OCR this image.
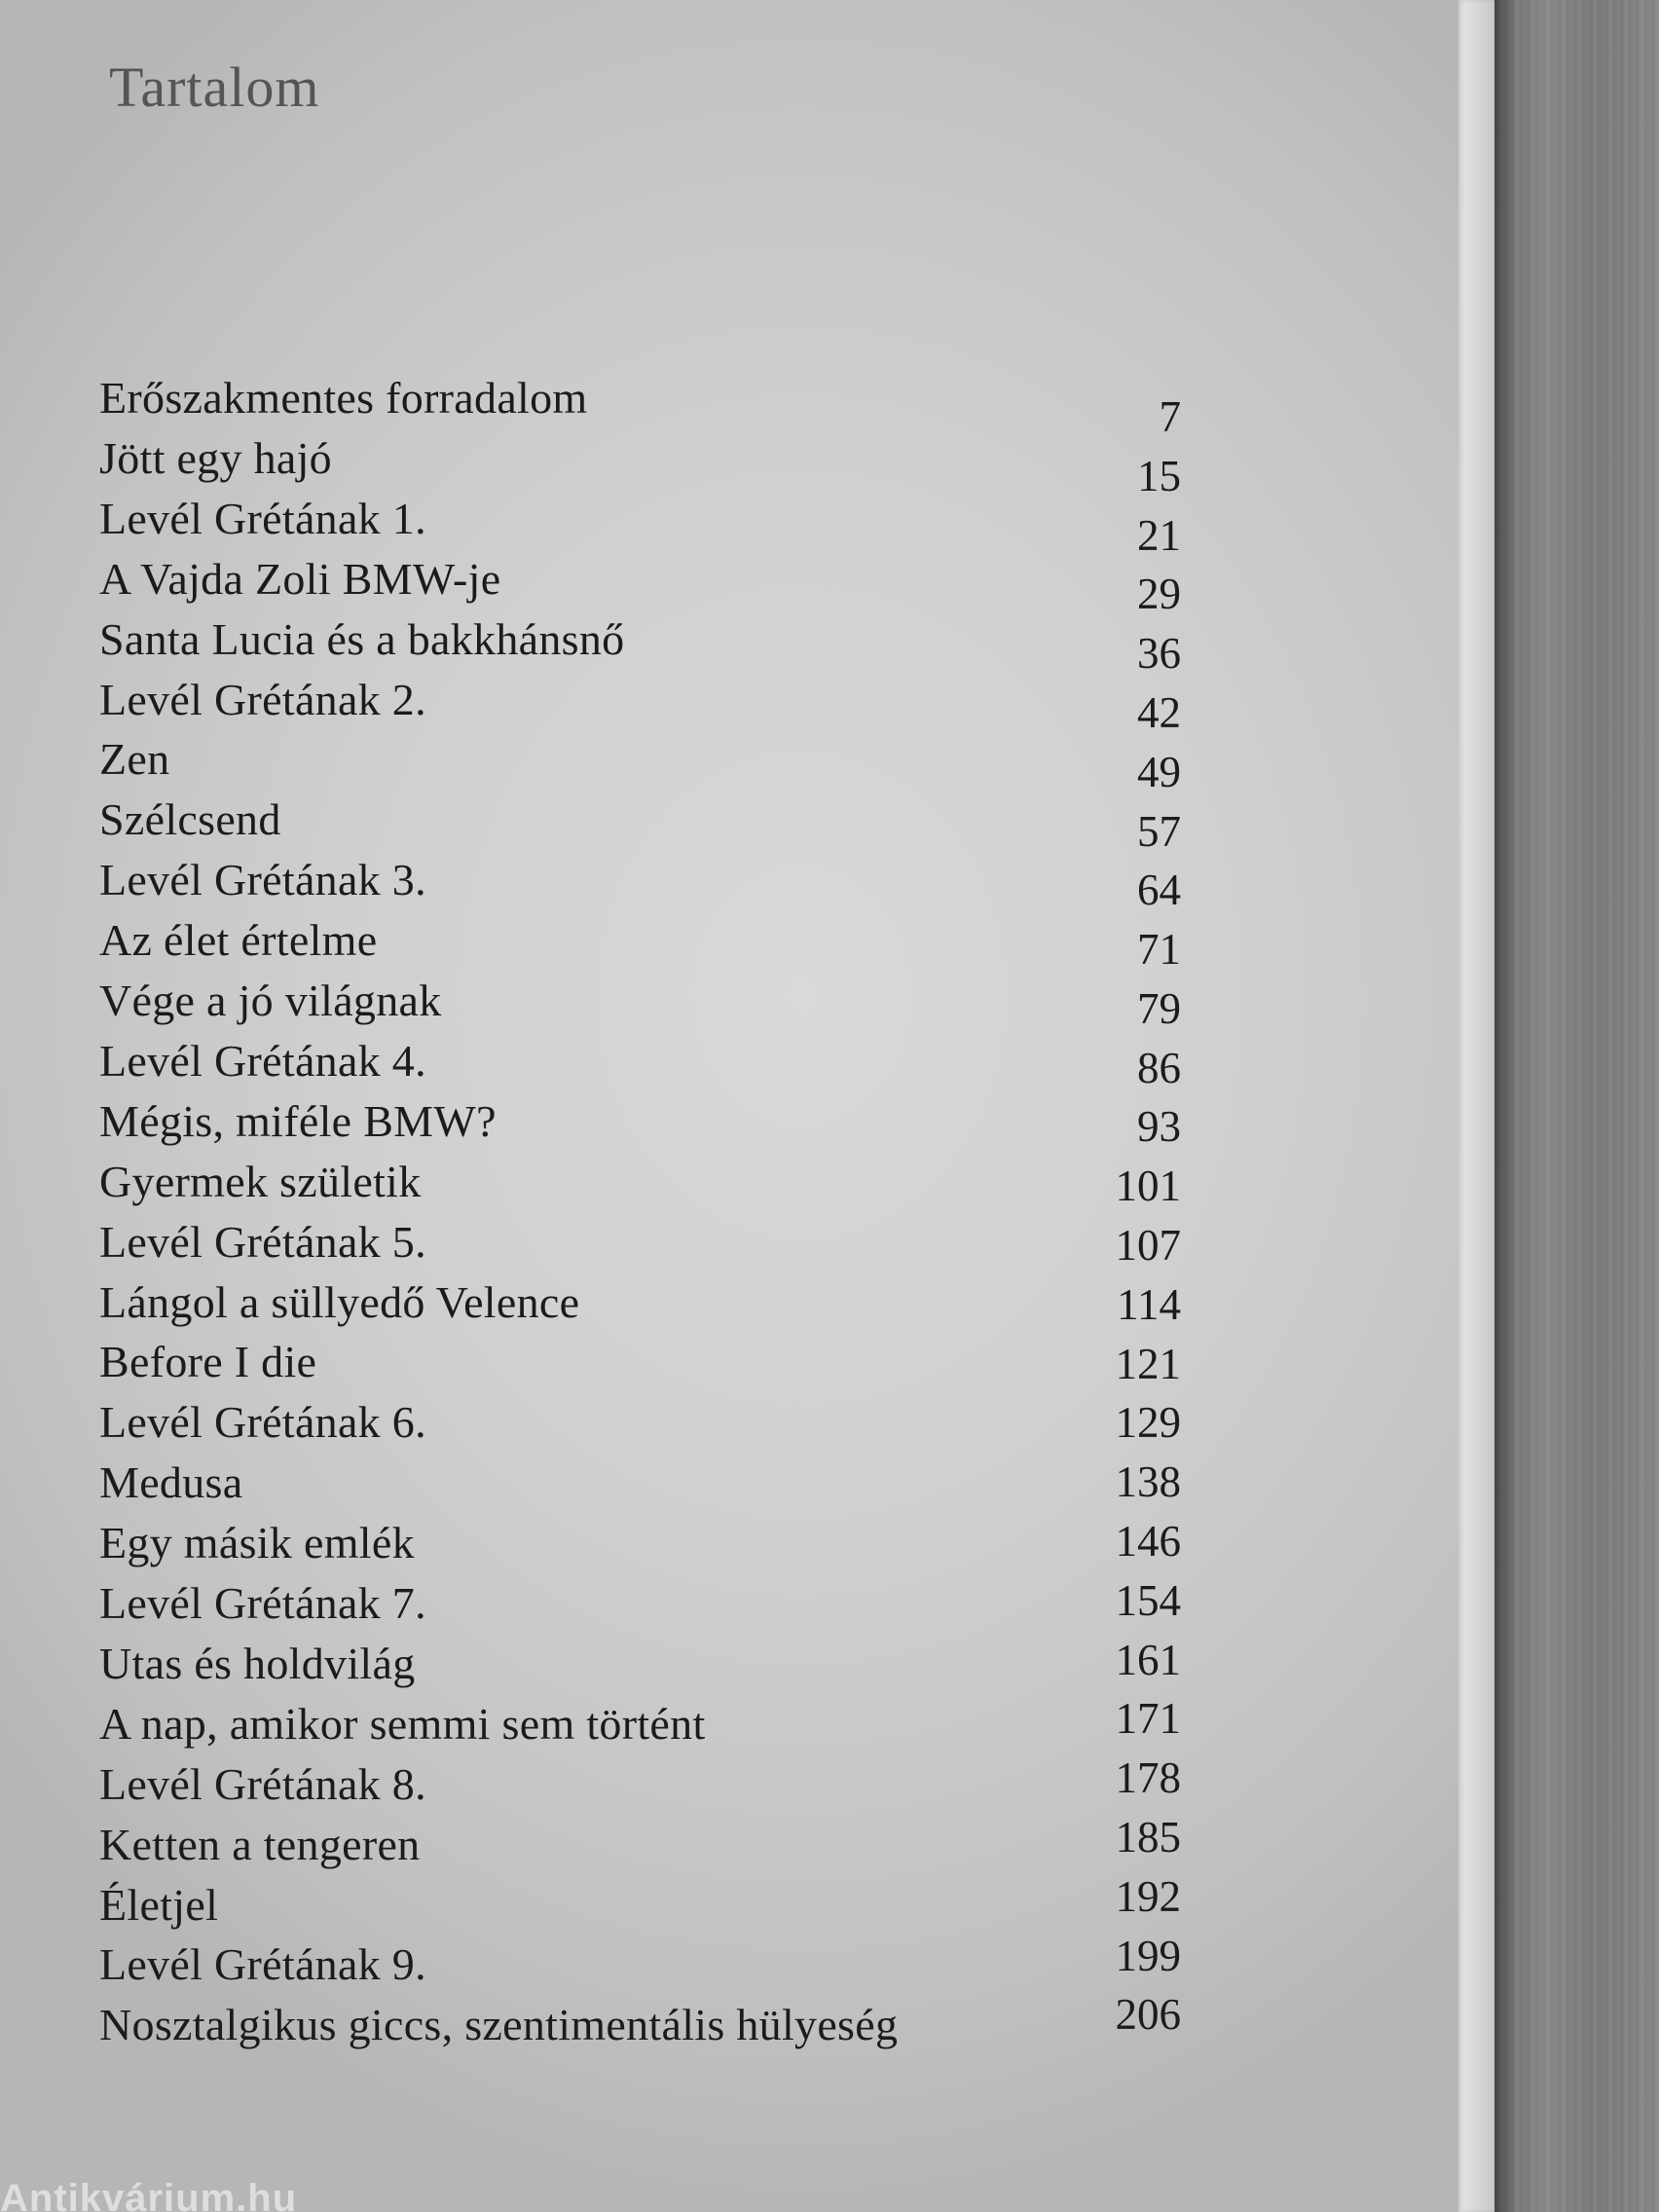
Tartalom
Erőszakmentes forradalom	7
Jött egy hajó	15
Levél Grétának 1.	21
A Vajda Zoli BMW-je	29
Santa Lucia és a bakkhánsnő	36
Levél Grétának 2.	42
Zen	49
Szélcsend	57
Levél Grétának 3.	64
Az élet értelme	71
Vége a jó világnak	79
Levél Grétának 4.	86
Mégis, miféle BMW?	93
Gyermek születik	101
Levél Grétának 5.	107
Lángol a süllyedő Velence	114
Before I die	121
Levél Grétának 6.	129
Medusa	138
Egy másik emlék	146
Levél Grétának 7.	154
Utas és holdvilág	161
A nap, amikor semmi sem történt	171
Levél Grétának 8.	178
Ketten a tengeren	185
Életjel	192
Levél Grétának 9.	199
Nosztalgikus giccs, szentimentális hülyeség	206
Antikvárium.hu
